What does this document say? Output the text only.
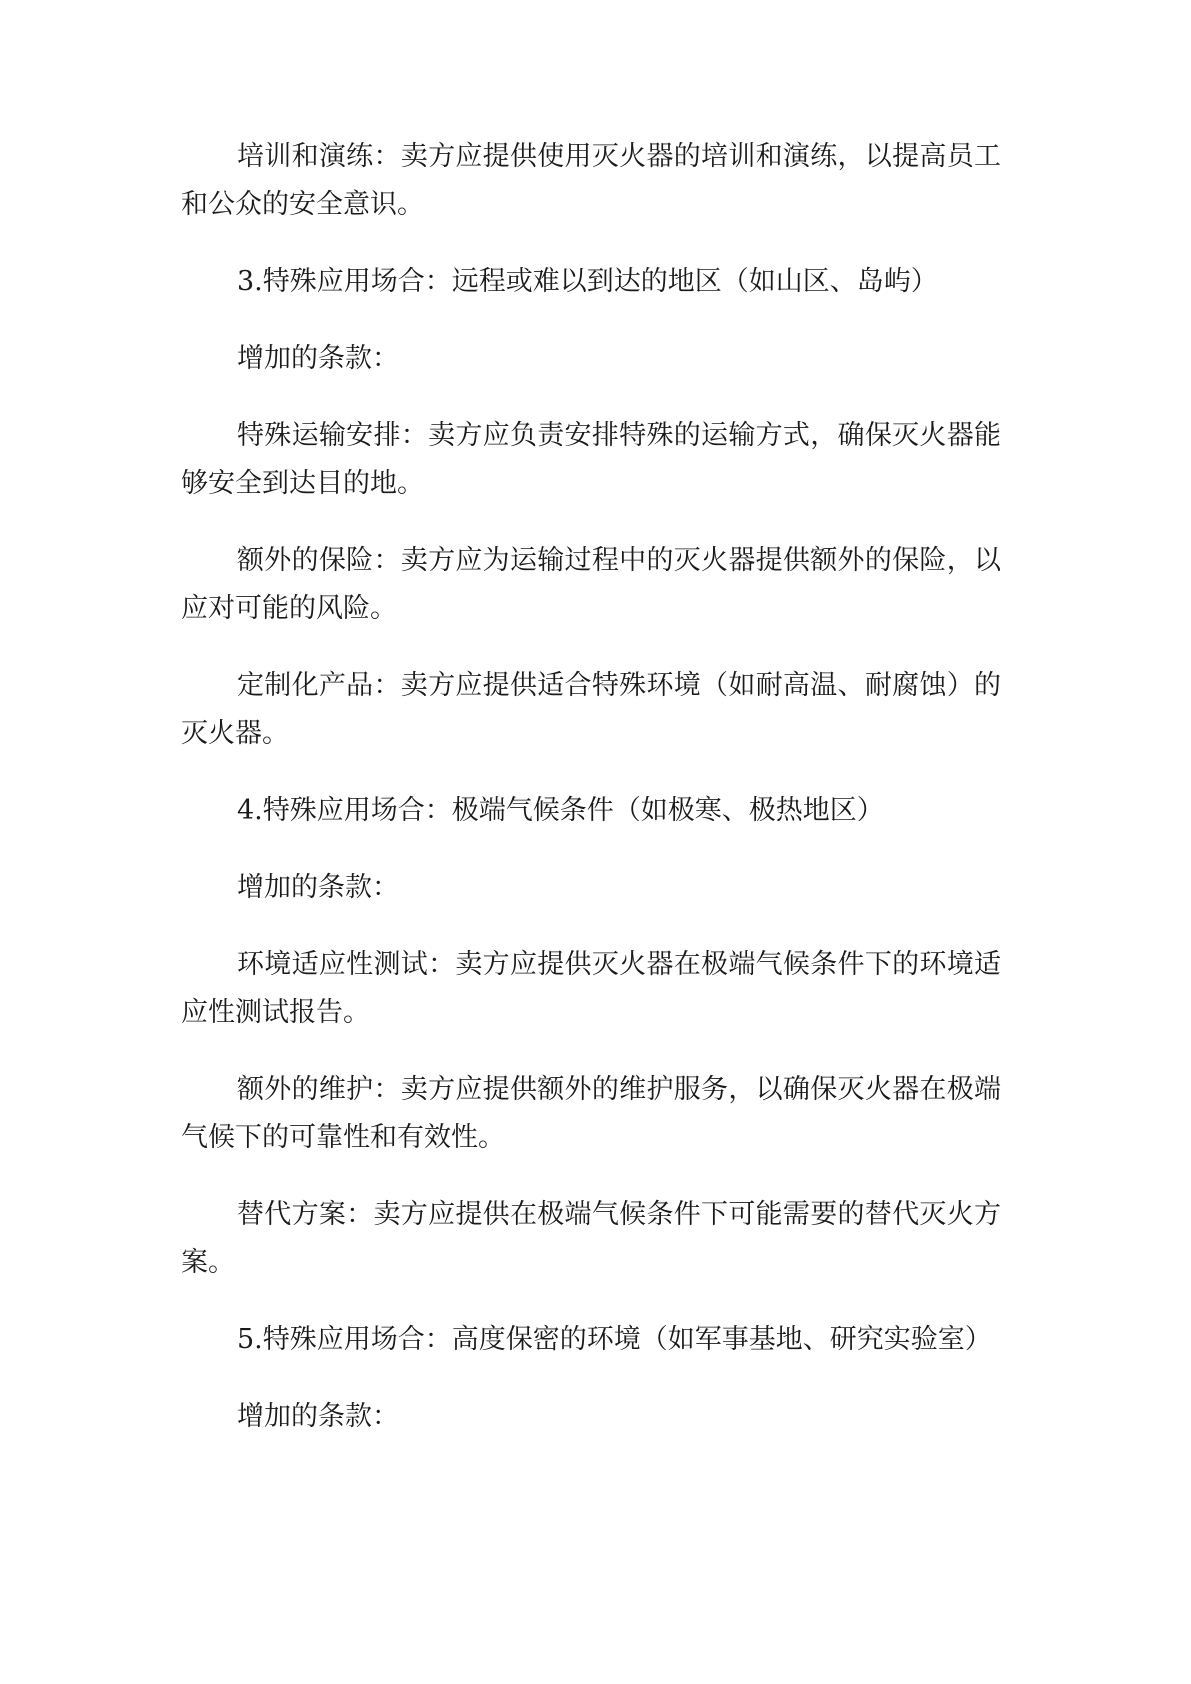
培训和演练：卖方应提供使用灭火器的培训和演练，以提高员工和公众的安全意识。

3.特殊应用场合：远程或难以到达的地区（如山区、岛屿）

增加的条款：

特殊运输安排：卖方应负责安排特殊的运输方式，确保灭火器能够安全到达目的地。

额外的保险：卖方应为运输过程中的灭火器提供额外的保险，以应对可能的风险。

定制化产品：卖方应提供适合特殊环境（如耐高温、耐腐蚀）的灭火器。

4.特殊应用场合：极端气候条件（如极寒、极热地区）

增加的条款：

环境适应性测试：卖方应提供灭火器在极端气候条件下的环境适应性测试报告。

额外的维护：卖方应提供额外的维护服务，以确保灭火器在极端气候下的可靠性和有效性。

替代方案：卖方应提供在极端气候条件下可能需要的替代灭火方案。

5.特殊应用场合：高度保密的环境（如军事基地、研究实验室）

增加的条款：
